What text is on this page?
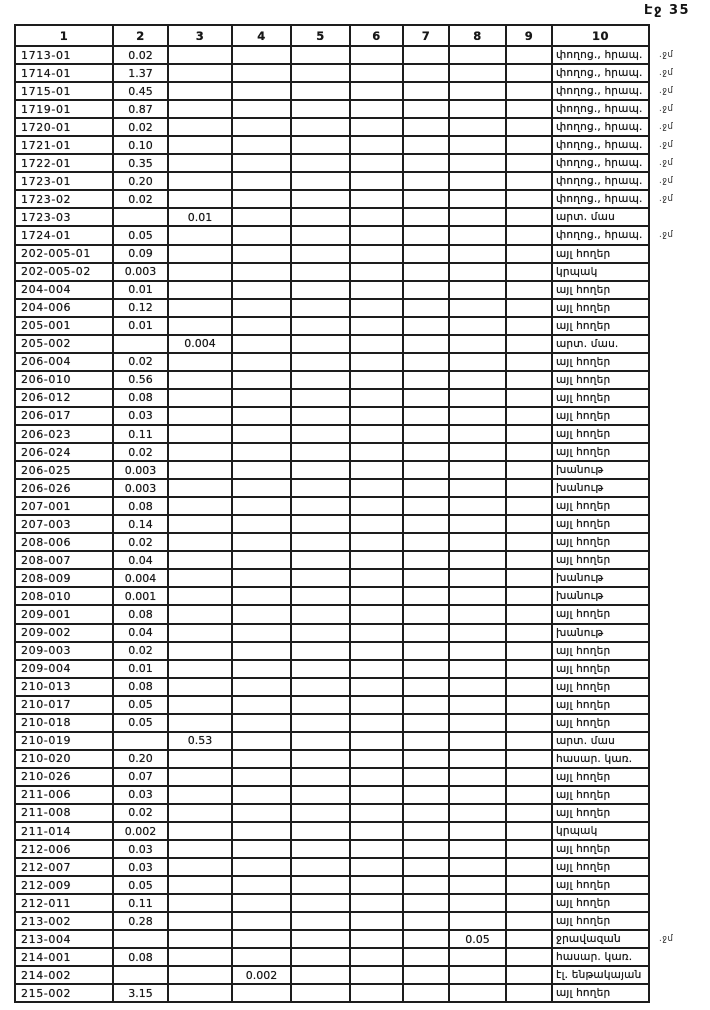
Էջ 35
1	2	3	4	5	6	7	8	9	10	
1713-01	0.02								փողոց., հրապ.	.ջմ
1714-01	1.37								փողոց., հրապ.	.ջմ
1715-01	0.45								փողոց., հրապ.	.ջմ
1719-01	0.87								փողոց., հրապ.	.ջմ
1720-01	0.02								փողոց., հրապ.	.ջմ
1721-01	0.10								փողոց., հրապ.	.ջմ
1722-01	0.35								փողոց., հրապ.	.ջմ
1723-01	0.20								փողոց., հրապ.	.ջմ
1723-02	0.02								փողոց., հրապ.	.ջմ
1723-03		0.01							արտ. մաս	
1724-01	0.05								փողոց., հրապ.	.ջմ
202-005-01	0.09								այլ հողեր	
202-005-02	0.003								կրպակ	
204-004	0.01								այլ հողեր	
204-006	0.12								այլ հողեր	
205-001	0.01								այլ հողեր	
205-002		0.004							արտ. մաս.	
206-004	0.02								այլ հողեր	
206-010	0.56								այլ հողեր	
206-012	0.08								այլ հողեր	
206-017	0.03								այլ հողեր	
206-023	0.11								այլ հողեր	
206-024	0.02								այլ հողեր	
206-025	0.003								խանութ	
206-026	0.003								խանութ	
207-001	0.08								այլ հողեր	
207-003	0.14								այլ հողեր	
208-006	0.02								այլ հողեր	
208-007	0.04								այլ հողեր	
208-009	0.004								խանութ	
208-010	0.001								խանութ	
209-001	0.08								այլ հողեր	
209-002	0.04								խանութ	
209-003	0.02								այլ հողեր	
209-004	0.01								այլ հողեր	
210-013	0.08								այլ հողեր	
210-017	0.05								այլ հողեր	
210-018	0.05								այլ հողեր	
210-019		0.53							արտ. մաս	
210-020	0.20								հասար. կառ.	
210-026	0.07								այլ հողեր	
211-006	0.03								այլ հողեր	
211-008	0.02								այլ հողեր	
211-014	0.002								կրպակ	
212-006	0.03								այլ հողեր	
212-007	0.03								այլ հողեր	
212-009	0.05								այլ հողեր	
212-011	0.11								այլ հողեր	
213-002	0.28								այլ հողեր	
213-004							0.05		ջրավազան	.ջմ
214-001	0.08								հասար. կառ.	
214-002			0.002						էլ. ենթակայան	
215-002	3.15								այլ հողեր	
